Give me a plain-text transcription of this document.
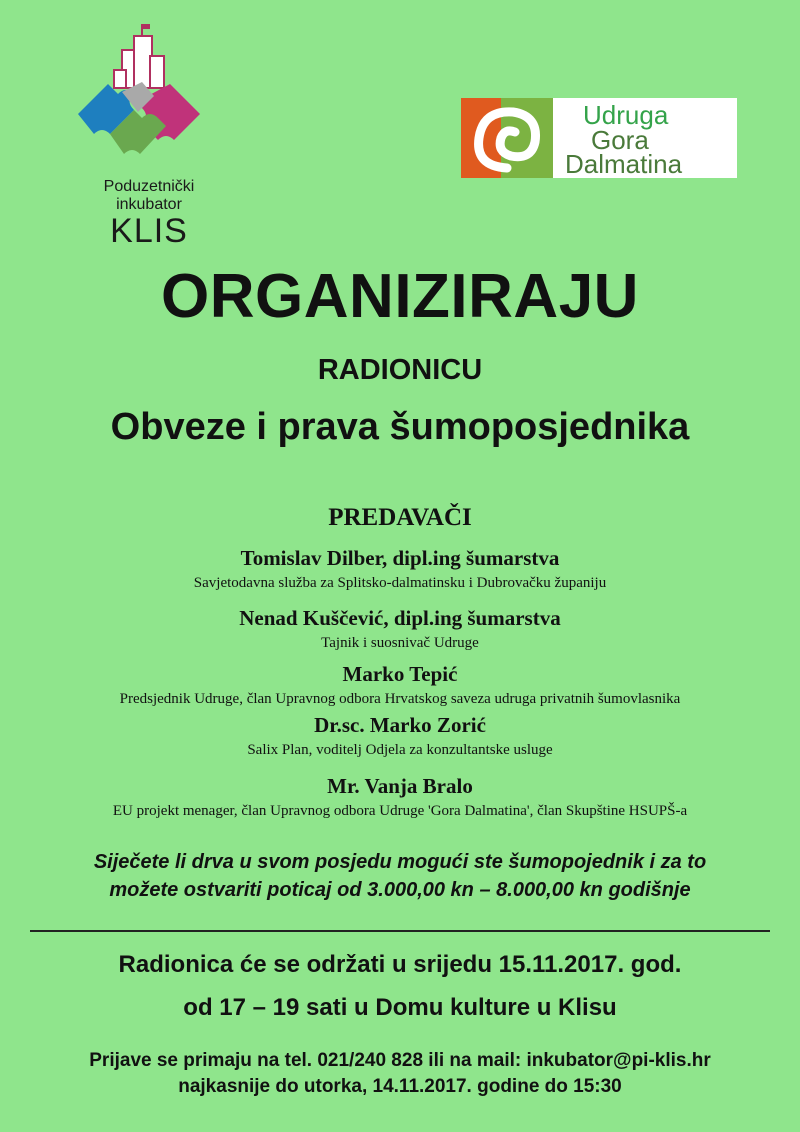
Poduzetnički
inkubator
KLIS
Udruga
Gora
Dalmatina
ORGANIZIRAJU
RADIONICU
Obveze i prava šumoposjednika
PREDAVAČI
Tomislav Dilber, dipl.ing šumarstva
Savjetodavna služba za Splitsko-dalmatinsku i Dubrovačku županiju
Nenad Kuščević, dipl.ing šumarstva
Tajnik i suosnivač Udruge
Marko Tepić
Predsjednik Udruge, član Upravnog odbora Hrvatskog saveza udruga privatnih šumovlasnika
Dr.sc. Marko Zorić
Salix Plan, voditelj Odjela za konzultantske usluge
Mr. Vanja Bralo
EU projekt menager, član Upravnog odbora Udruge 'Gora Dalmatina', član Skupštine HSUPŠ-a
Siječete li drva u svom posjedu mogući ste šumopojednik i za to
možete ostvariti poticaj od 3.000,00 kn – 8.000,00 kn godišnje
Radionica će se održati u srijedu 15.11.2017. god.
od 17 – 19 sati u Domu kulture u Klisu
Prijave se primaju na tel. 021/240 828 ili na mail: inkubator@pi-klis.hr
najkasnije do utorka, 14.11.2017. godine do 15:30
